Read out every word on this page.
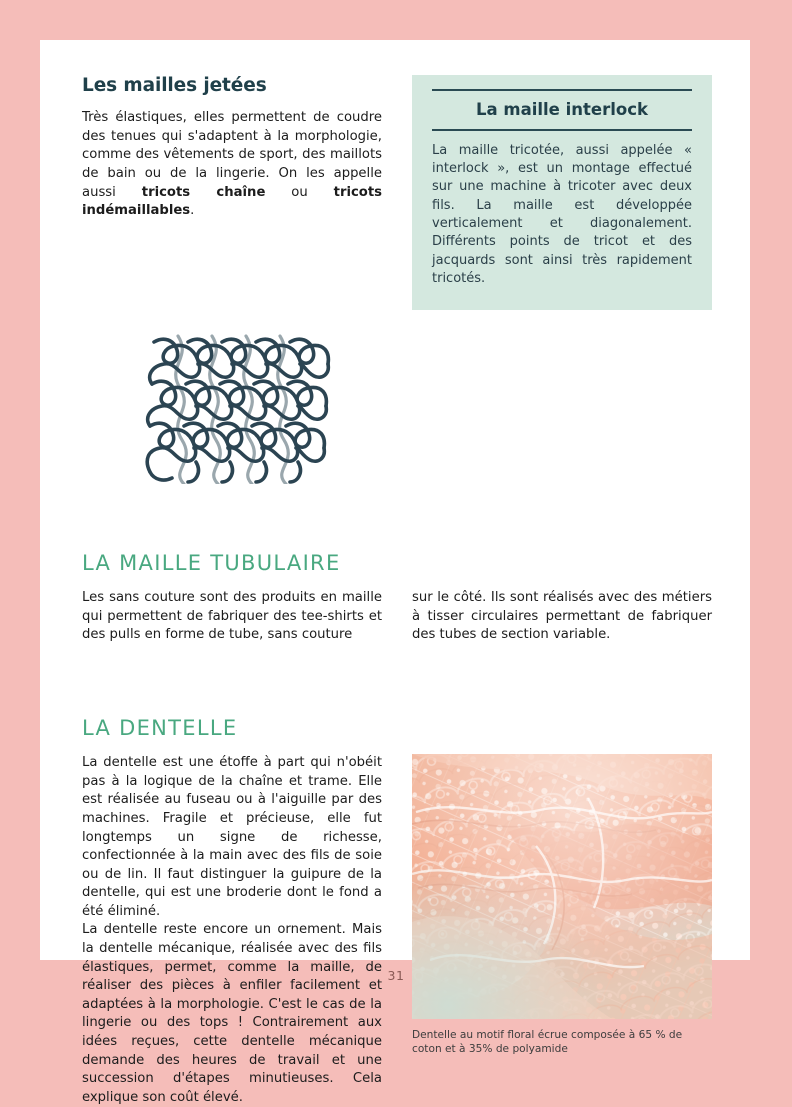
Les mailles jetées

Très élastiques, elles permettent de coudre des tenues qui s'adaptent à la morphologie, comme des vêtements de sport, des maillots de bain ou de la lingerie. On les appelle aussi tricots chaîne ou tricots indémaillables.

La maille interlock
La maille tricotée, aussi appelée « interlock », est un montage effectué sur une machine à tricoter avec deux fils. La maille est développée verticalement et diagonalement. Différents points de tricot et des jacquards sont ainsi très rapidement tricotés.
LA MAILLE TUBULAIRE

Les sans couture sont des produits en maille qui permettent de fabriquer des tee-shirts et des pulls en forme de tube, sans couture

sur le côté. Ils sont réalisés avec des métiers à tisser circulaires permettant de fabriquer des tubes de section variable.

LA DENTELLE

La dentelle est une étoffe à part qui n'obéit pas à la logique de la chaîne et trame. Elle est réalisée au fuseau ou à l'aiguille par des machines. Fragile et précieuse, elle fut longtemps un signe de richesse, confectionnée à la main avec des fils de soie ou de lin. Il faut distinguer la guipure de la dentelle, qui est une broderie dont le fond a été éliminé.

La dentelle reste encore un ornement. Mais la dentelle mécanique, réalisée avec des fils élastiques, permet, comme la maille, de réaliser des pièces à enfiler facilement et adaptées à la morphologie. C'est le cas de la lingerie ou des tops ! Contrairement aux idées reçues, cette dentelle mécanique demande des heures de travail et une succession d'étapes minutieuses. Cela explique son coût élevé.

Dentelle au motif floral écrue composée à 65 % de coton et à 35% de polyamide
31
